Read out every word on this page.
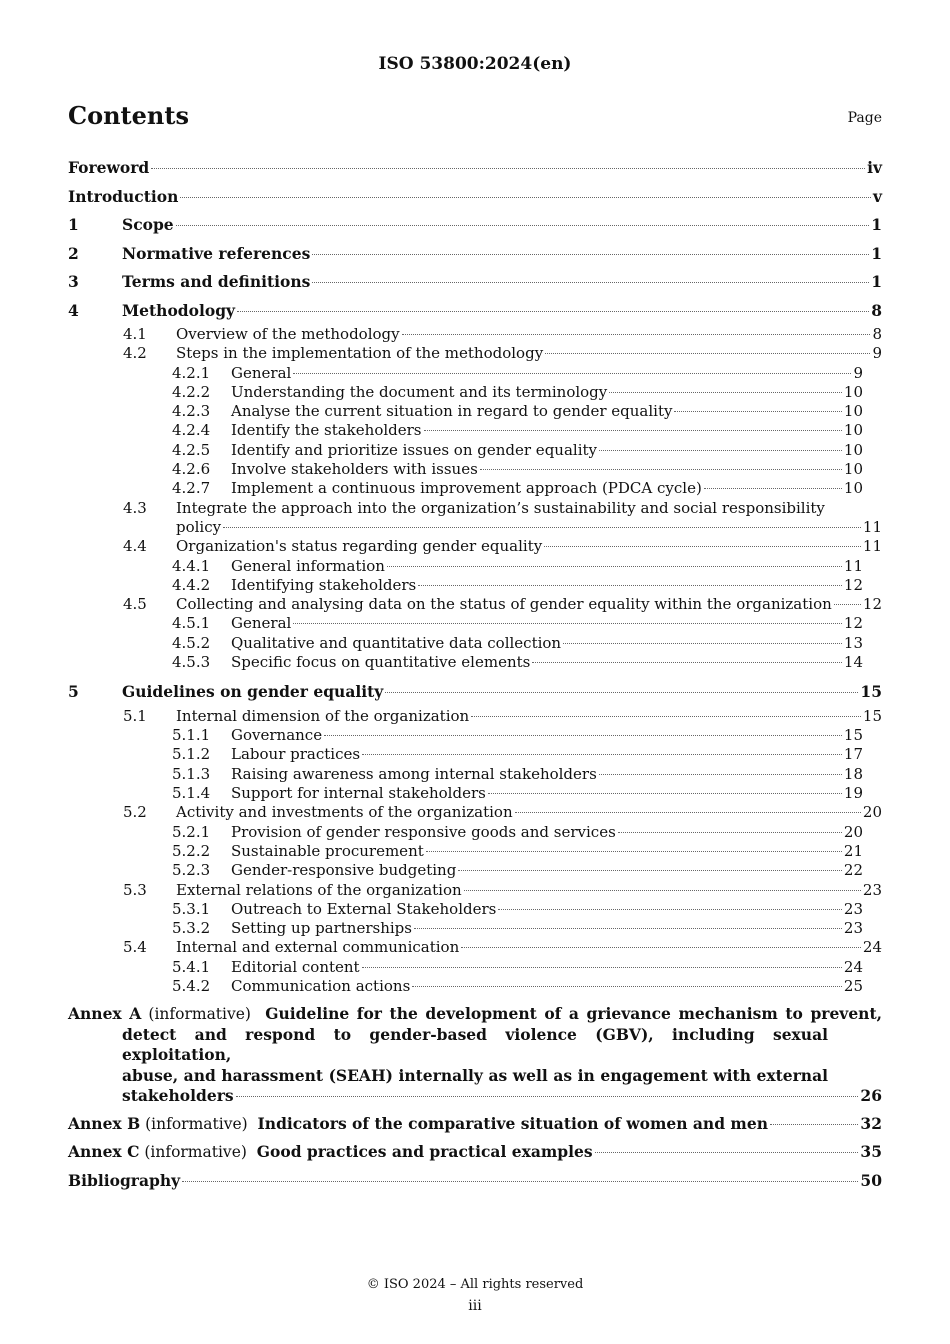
ISO 53800:2024(en)
Contents	Page
Foreword	iv
Introduction	v
1	Scope	1
2	Normative references	1
3	Terms and definitions	1
4	Methodology	8
4.1 Overview of the methodology	8
4.2 Steps in the implementation of the methodology	9
4.2.1 General	9
4.2.2 Understanding the document and its terminology	10
4.2.3 Analyse the current situation in regard to gender equality	10
4.2.4 Identify the stakeholders	10
4.2.5 Identify and prioritize issues on gender equality	10
4.2.6 Involve stakeholders with issues	10
4.2.7 Implement a continuous improvement approach (PDCA cycle)	10
4.3 Integrate the approach into the organization’s sustainability and social responsibility
policy	11
4.4 Organization's status regarding gender equality	11
4.4.1 General information	11
4.4.2 Identifying stakeholders	12
4.5 Collecting and analysing data on the status of gender equality within the organization 12
4.5.1 General	12
4.5.2 Qualitative and quantitative data collection	13
4.5.3 Specific focus on quantitative elements	14
5	Guidelines on gender equality	15
5.1 Internal dimension of the organization	15
5.1.1 Governance	15
5.1.2 Labour practices	17
5.1.3 Raising awareness among internal stakeholders	18
5.1.4 Support for internal stakeholders	19
5.2 Activity and investments of the organization	20
5.2.1 Provision of gender responsive goods and services	20
5.2.2 Sustainable procurement	21
5.2.3 Gender-responsive budgeting	22
5.3 External relations of the organization	23
5.3.1 Outreach to External Stakeholders	23
5.3.2 Setting up partnerships	23
5.4 Internal and external communication	24
5.4.1 Editorial content	24
5.4.2 Communication actions	25
Annex A (informative) Guideline for the development of a grievance mechanism to prevent,
detect and respond to gender-based violence (GBV), including sexual exploitation,
abuse, and harassment (SEAH) internally as well as in engagement with external
stakeholders	26
Annex B (informative) Indicators of the comparative situation of women and men	32
Annex C (informative) Good practices and practical examples	35
Bibliography	50
© ISO 2024 – All rights reserved
iii
